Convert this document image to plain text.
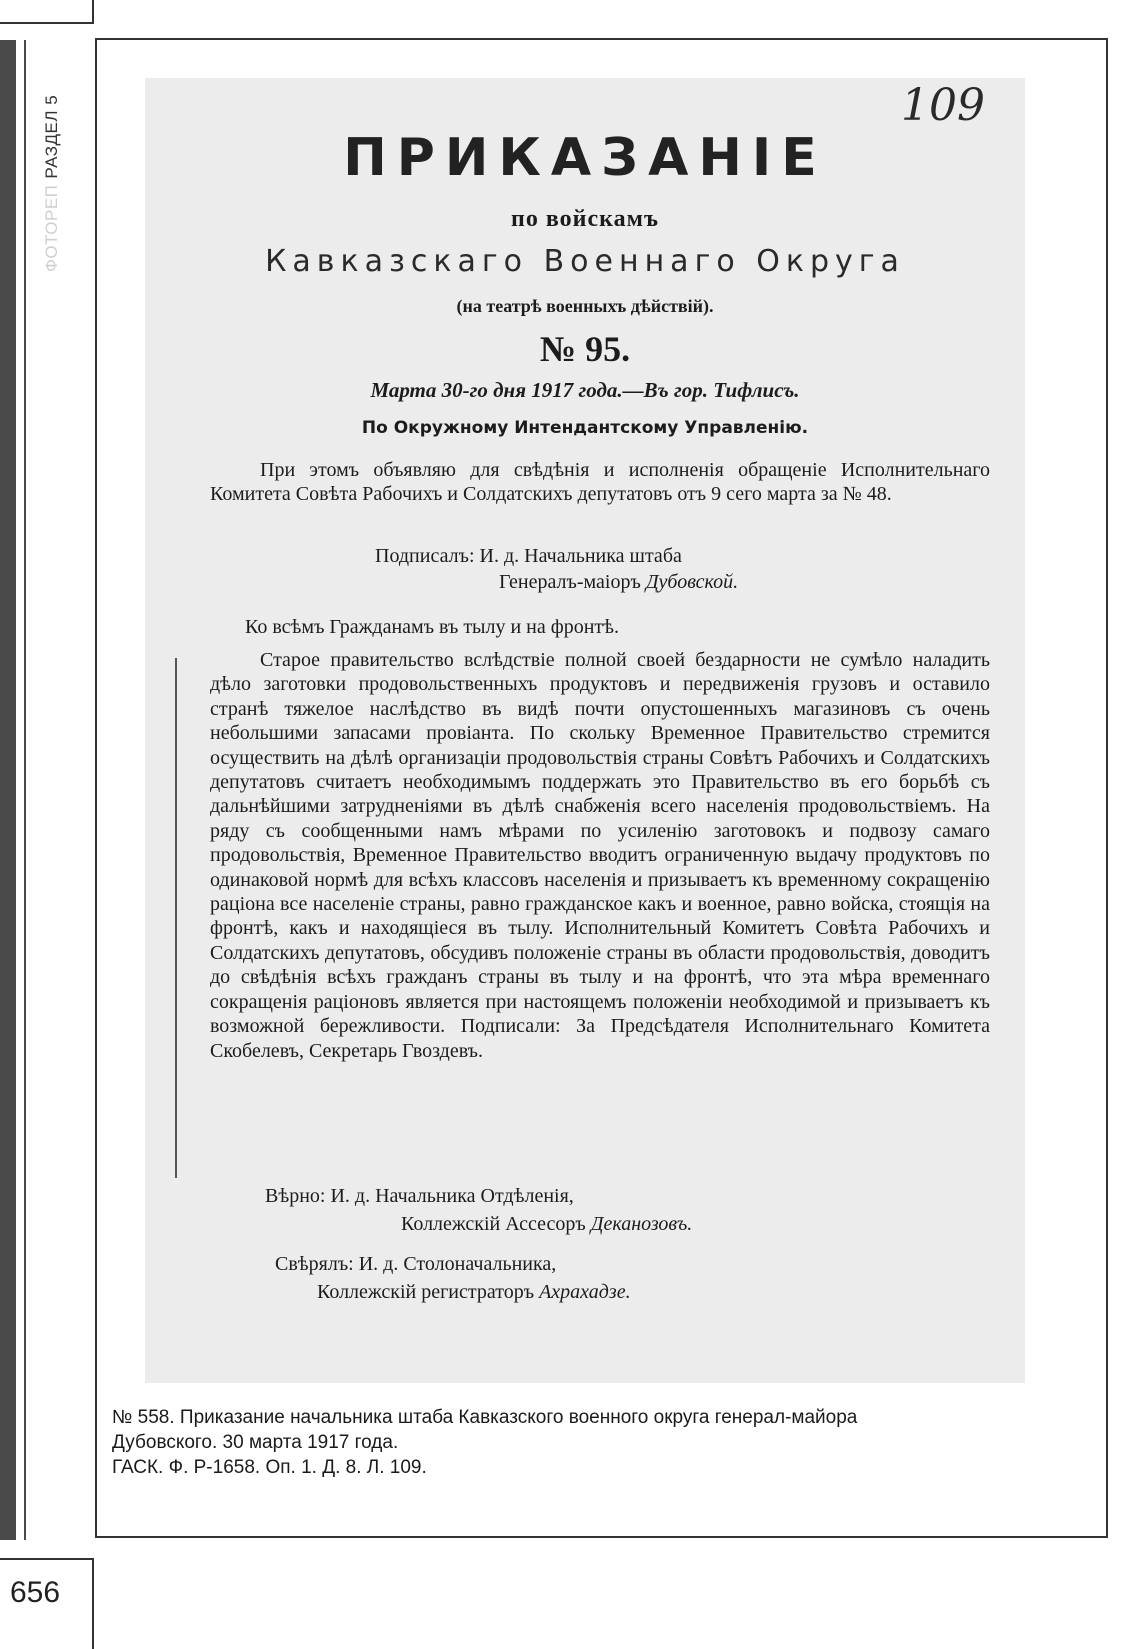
ФОТОРЕПРАЗДЕЛ 5	109
ПРИКАЗАНІЕ
по войскамъ
Кавказскаго Военнаго Округа
(на театрѣ военныхъ дѣйствій).
№ 95.
Марта 30-го дня 1917 года.—Въ гор. Тифлисъ.
По Окружному Интендантскому Управленію.
При этомъ объявляю для свѣдѣнія и исполненія обращеніе Исполнительнаго Комитета Совѣта Рабочихъ и Солдатскихъ депутатовъ отъ 9 сего марта за № 48.
Подписалъ: И. д. Начальника штаба
Генералъ-маіоръ Дубовской.
Ко всѣмъ Гражданамъ въ тылу и на фронтѣ.
Старое правительство вслѣдствіе полной своей бездарности не сумѣло наладить дѣло заготовки продовольственныхъ продуктовъ и передвиженія грузовъ и оставило странѣ тяжелое наслѣдство въ видѣ почти опустошенныхъ магазиновъ съ очень небольшими запасами провіанта. По скольку Временное Правительство стремится осуществить на дѣлѣ организаціи продовольствія страны Совѣтъ Рабочихъ и Солдатскихъ депутатовъ считаетъ необходимымъ поддержать это Правительство въ его борьбѣ съ дальнѣйшими затрудненіями въ дѣлѣ снабженія всего населенія продовольствіемъ. На ряду съ сообщенными намъ мѣрами по усиленію заготовокъ и подвозу самаго продовольствія, Временное Правительство вводитъ ограниченную выдачу продуктовъ по одинаковой нормѣ для всѣхъ классовъ населенія и призываетъ къ временному сокращенію раціона все населеніе страны, равно гражданское какъ и военное, равно войска, стоящія на фронтѣ, какъ и находящіеся въ тылу. Исполнительный Комитетъ Совѣта Рабочихъ и Солдатскихъ депутатовъ, обсудивъ положеніе страны въ области продовольствія, доводитъ до свѣдѣнія всѣхъ гражданъ страны въ тылу и на фронтѣ, что эта мѣра временнаго сокращенія раціоновъ является при настоящемъ положеніи необходимой и призываетъ къ возможной бережливости. Подписали: За Предсѣдателя Исполнительнаго Комитета Скобелевъ, Секретарь Гвоздевъ.
Вѣрно: И. д. Начальника Отдѣленія,
Коллежскій Ассесоръ Деканозовъ.
Свѣрялъ: И. д. Столоначальника,
Коллежскій регистраторъ Ахрахадзе.
№ 558. Приказание начальника штаба Кавказского военного округа генерал-майора
Дубовского. 30 марта 1917 года.
ГАСК. Ф. Р-1658. Оп. 1. Д. 8. Л. 109.
656
